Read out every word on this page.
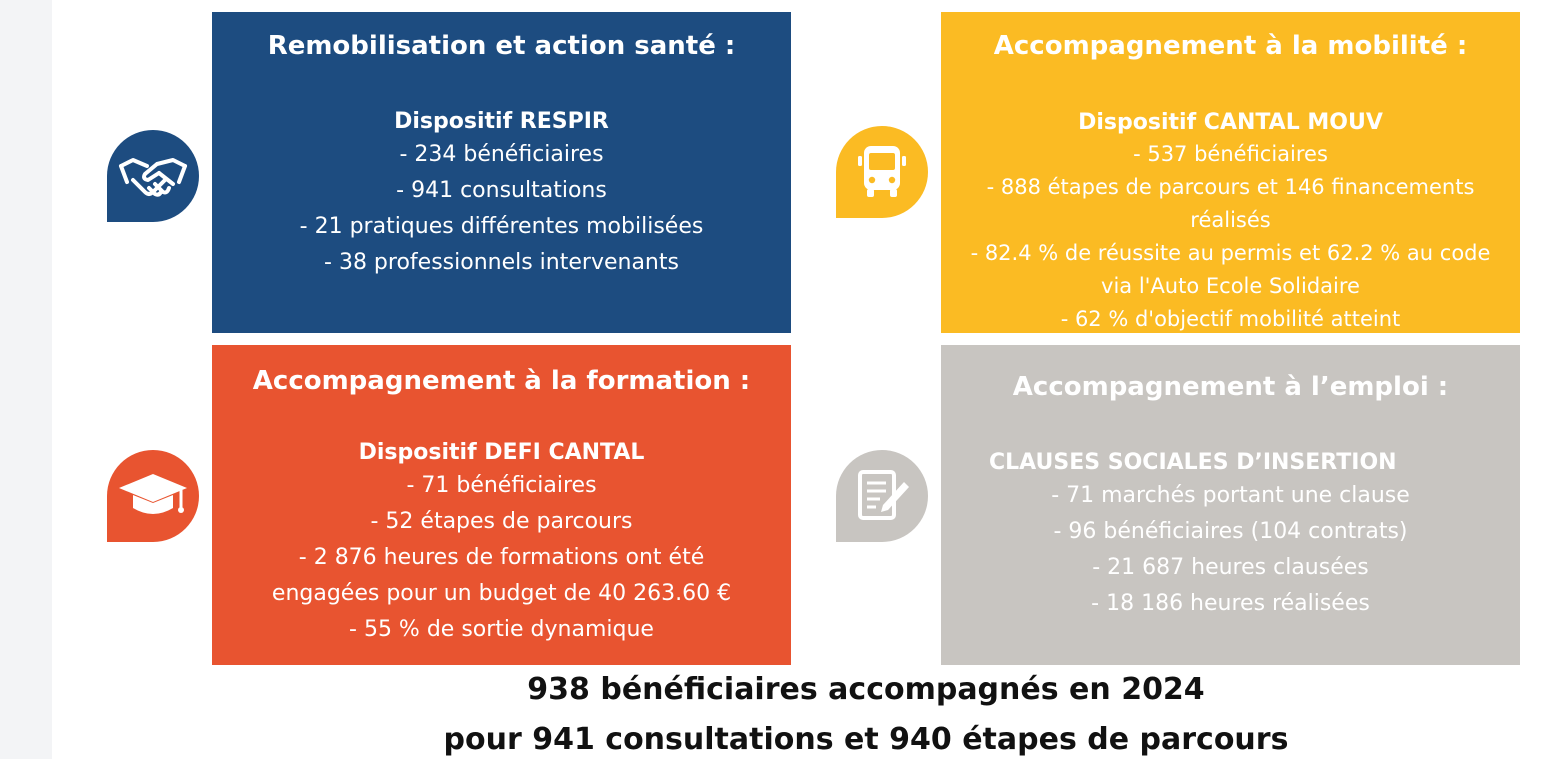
Remobilisation et action santé :
Dispositif RESPIR
- 234 bénéficiaires
- 941 consultations
- 21 pratiques différentes mobilisées
- 38 professionnels intervenants
Accompagnement à la mobilité :
Dispositif CANTAL MOUV
- 537 bénéficiaires
- 888 étapes de parcours et 146 financements
réalisés
- 82.4 % de réussite au permis et 62.2 % au code
via l'Auto Ecole Solidaire
- 62 % d'objectif mobilité atteint
Accompagnement à la formation :
Dispositif DEFI CANTAL
- 71 bénéficiaires
- 52 étapes de parcours
- 2 876 heures de formations ont été
engagées pour un budget de 40 263.60 €
- 55 % de sortie dynamique
Accompagnement à l’emploi :
CLAUSES SOCIALES D’INSERTION
- 71 marchés portant une clause
- 96 bénéficiaires (104 contrats)
- 21 687 heures clausées
- 18 186 heures réalisées
938 bénéficiaires accompagnés en 2024
pour 941 consultations et 940 étapes de parcours
